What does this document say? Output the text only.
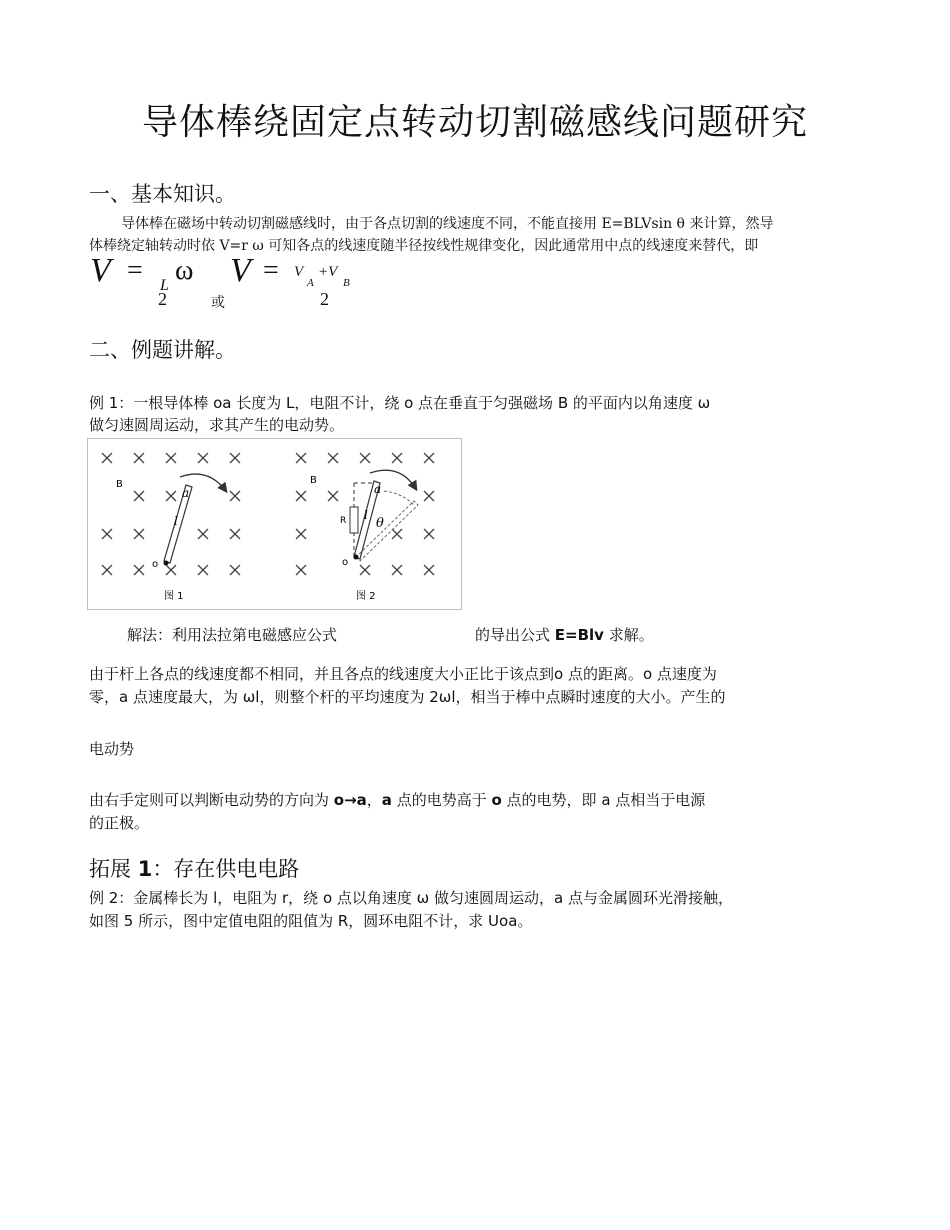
导体棒绕固定点转动切割磁感线问题研究
一、基本知识。
导体棒在磁场中转动切割磁感线时，由于各点切割的线速度不同，不能直接用 E=BLVsin θ 来计算，然导
体棒绕定轴转动时依 V=r ω 可知各点的线速度随半径按线性规律变化，因此通常用中点的线速度来替代，即
V = L ω
2	或
V = V
A
+V
B
2
二、例题讲解。
例 1：一根导体棒 oa 长度为 L，电阻不计，绕 o 点在垂直于匀强磁场 B 的平面内以角速度 ω
做匀速圆周运动，求其产生的电动势。
B
a
l
o
图 1
B
a
R l
θ
o
图 2
解法：利用法拉第电磁感应公式	的导出公式 E=Blv 求解。
由于杆上各点的线速度都不相同，并且各点的线速度大小正比于该点到o 点的距离。o 点速度为
零，a 点速度最大，为 ωl，则整个杆的平均速度为 2ωl，相当于棒中点瞬时速度的大小。产生的
电动势
由右手定则可以判断电动势的方向为 o→a，a 点的电势高于 o 点的电势，即 a 点相当于电源
的正极。
拓展 1：存在供电电路
例 2：金属棒长为 l，电阻为 r，绕 o 点以角速度 ω 做匀速圆周运动，a 点与金属圆环光滑接触，
如图 5 所示，图中定值电阻的阻值为 R，圆环电阻不计，求 Uoa。
